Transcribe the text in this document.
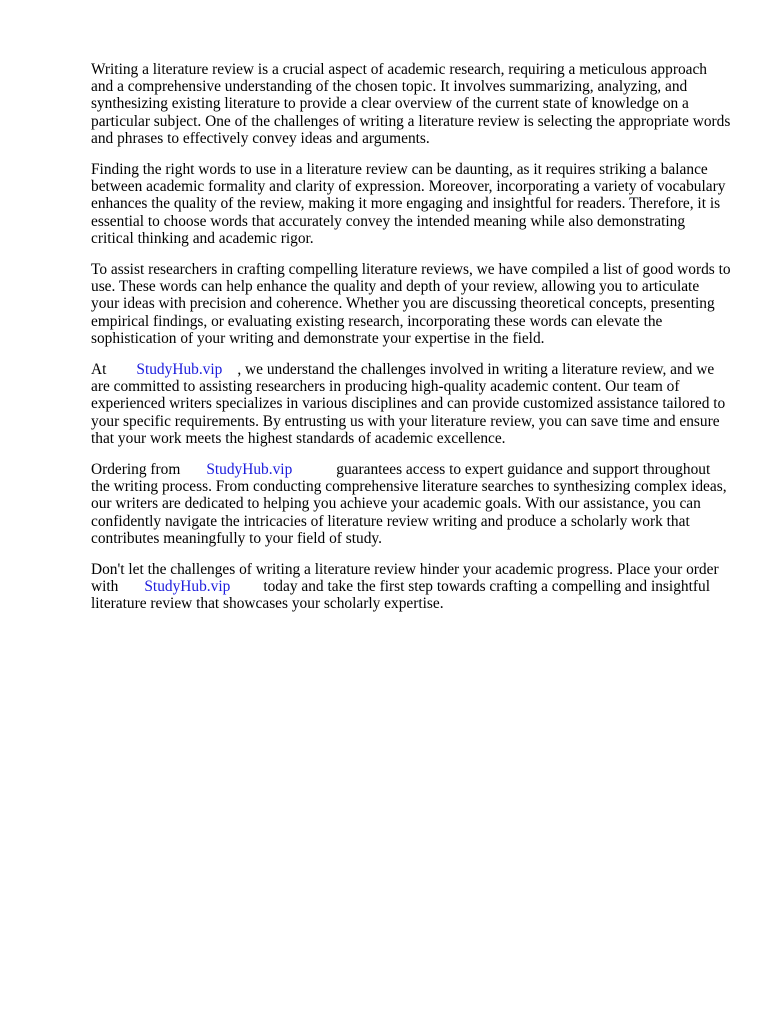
Writing a literature review is a crucial aspect of academic research, requiring a meticulous approach and a comprehensive understanding of the chosen topic. It involves summarizing, analyzing, and synthesizing existing literature to provide a clear overview of the current state of knowledge on a particular subject. One of the challenges of writing a literature review is selecting the appropriate words and phrases to effectively convey ideas and arguments.

Finding the right words to use in a literature review can be daunting, as it requires striking a balance between academic formality and clarity of expression. Moreover, incorporating a variety of vocabulary enhances the quality of the review, making it more engaging and insightful for readers. Therefore, it is essential to choose words that accurately convey the intended meaning while also demonstrating critical thinking and academic rigor.

To assist researchers in crafting compelling literature reviews, we have compiled a list of good words to use. These words can help enhance the quality and depth of your review, allowing you to articulate your ideas with precision and coherence. Whether you are discussing theoretical concepts, presenting empirical findings, or evaluating existing research, incorporating these words can elevate the sophistication of your writing and demonstrate your expertise in the field.

At StudyHub.vip , we understand the challenges involved in writing a literature review, and we are committed to assisting researchers in producing high-quality academic content. Our team of experienced writers specializes in various disciplines and can provide customized assistance tailored to your specific requirements. By entrusting us with your literature review, you can save time and ensure that your work meets the highest standards of academic excellence.

Ordering from StudyHub.vip	guarantees access to expert guidance and support throughout the writing process. From conducting comprehensive literature searches to synthesizing complex ideas, our writers are dedicated to helping you achieve your academic goals. With our assistance, you can confidently navigate the intricacies of literature review writing and produce a scholarly work that contributes meaningfully to your field of study.

Don't let the challenges of writing a literature review hinder your academic progress. Place your order with StudyHub.vip today and take the first step towards crafting a compelling and insightful literature review that showcases your scholarly expertise.
